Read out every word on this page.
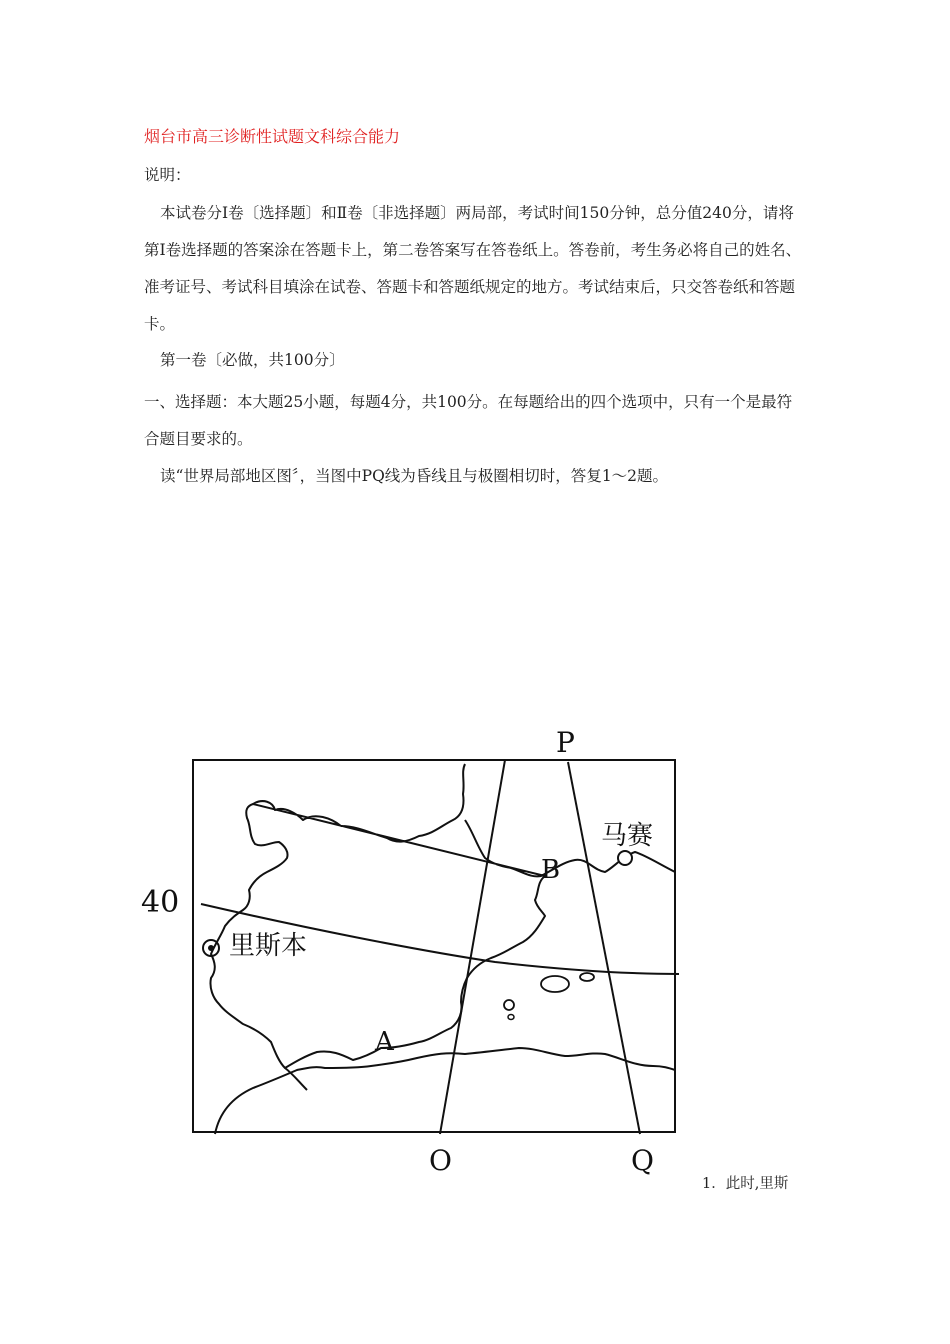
烟台市高三诊断性试题文科综合能力
说明：
本试卷分Ⅰ卷〔选择题〕和Ⅱ卷〔非选择题〕两局部，考试时间150分钟，总分值240分，请将第Ⅰ卷选择题的答案涂在答题卡上，第二卷答案写在答卷纸上。答卷前，考生务必将自己的姓名、准考证号、考试科目填涂在试卷、答题卡和答题纸规定的地方。考试结束后，只交答卷纸和答题卡。
第一卷〔必做，共100分〕
一、选择题：本大题25小题，每题4分，共100分。在每题给出的四个选项中，只有一个是最符合题目要求的。
读“世界局部地区图〞，当图中PQ线为昏线且与极圈相切时，答复1～2题。
P
Q
O
A
B
40
里斯本
马赛
1．此时,里斯
